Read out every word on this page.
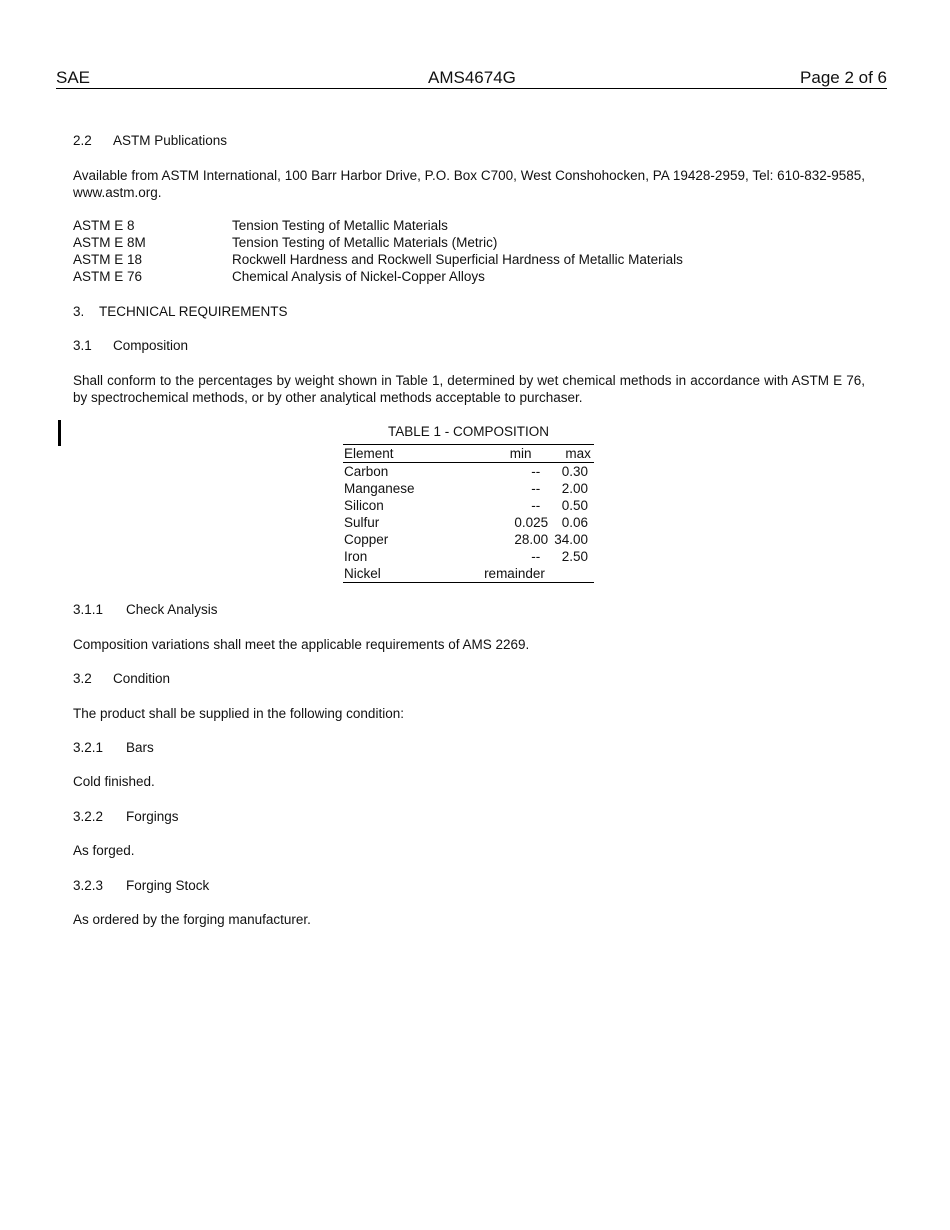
SAE	AMS4674G	Page 2 of 6
2.2 ASTM Publications
Available from ASTM International, 100 Barr Harbor Drive, P.O. Box C700, West Conshohocken, PA 19428-2959, Tel: 610-832-9585, www.astm.org.
ASTM E 8	Tension Testing of Metallic Materials
ASTM E 8M	Tension Testing of Metallic Materials (Metric)
ASTM E 18	Rockwell Hardness and Rockwell Superficial Hardness of Metallic Materials
ASTM E 76	Chemical Analysis of Nickel-Copper Alloys
3. TECHNICAL REQUIREMENTS
3.1 Composition
Shall conform to the percentages by weight shown in Table 1, determined by wet chemical methods in accordance with ASTM E 76, by spectrochemical methods, or by other analytical methods acceptable to purchaser.
TABLE 1 - COMPOSITION
Element	min	max
Carbon	--	0.30
Manganese	--	2.00
Silicon	--	0.50
Sulfur	0.025	0.06
Copper	28.00	34.00
Iron	--	2.50
Nickel	remainder	
3.1.1 Check Analysis
Composition variations shall meet the applicable requirements of AMS 2269.
3.2 Condition
The product shall be supplied in the following condition:
3.2.1 Bars
Cold finished.
3.2.2 Forgings
As forged.
3.2.3 Forging Stock
As ordered by the forging manufacturer.
